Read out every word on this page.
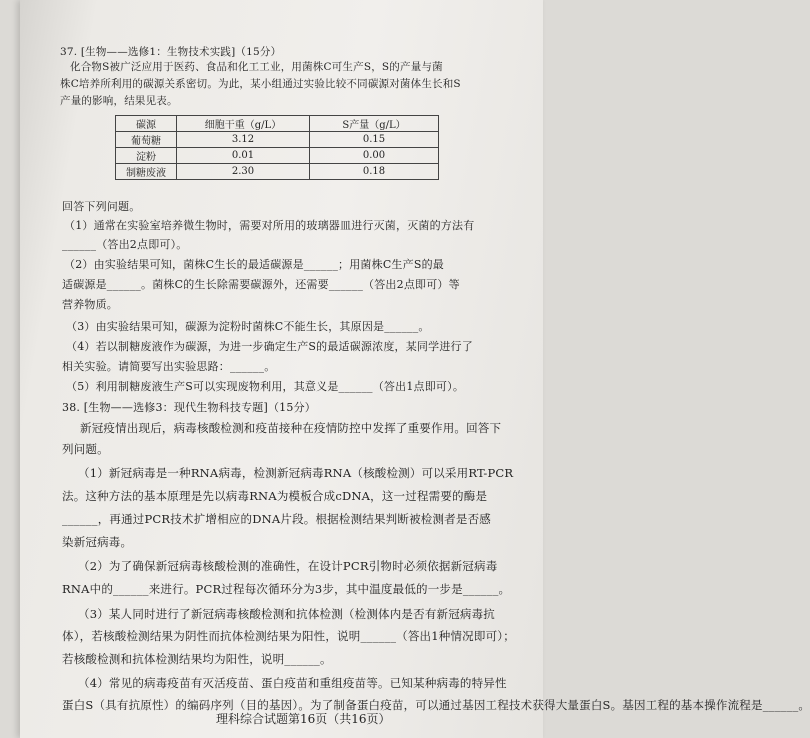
37. [生物——选修1：生物技术实践]（15分）
化合物S被广泛应用于医药、食品和化工工业，用菌株C可生产S，S的产量与菌
株C培养所利用的碳源关系密切。为此，某小组通过实验比较不同碳源对菌体生长和S
产量的影响，结果见表。
碳源	细胞干重（g/L）	S产量（g/L）
葡萄糖	3.12	0.15
淀粉	0.01	0.00
制糖废液	2.30	0.18
回答下列问题。
（1）通常在实验室培养微生物时，需要对所用的玻璃器皿进行灭菌，灭菌的方法有
______（答出2点即可）。
（2）由实验结果可知，菌株C生长的最适碳源是______；用菌株C生产S的最
适碳源是______。菌株C的生长除需要碳源外，还需要______（答出2点即可）等
营养物质。
（3）由实验结果可知，碳源为淀粉时菌株C不能生长，其原因是______。
（4）若以制糖废液作为碳源，为进一步确定生产S的最适碳源浓度，某同学进行了
相关实验。请简要写出实验思路：______。
（5）利用制糖废液生产S可以实现废物利用，其意义是______（答出1点即可）。
38. [生物——选修3：现代生物科技专题]（15分）
新冠疫情出现后，病毒核酸检测和疫苗接种在疫情防控中发挥了重要作用。回答下
列问题。
（1）新冠病毒是一种RNA病毒，检测新冠病毒RNA（核酸检测）可以采用RT-PCR
法。这种方法的基本原理是先以病毒RNA为模板合成cDNA，这一过程需要的酶是
______，再通过PCR技术扩增相应的DNA片段。根据检测结果判断被检测者是否感
染新冠病毒。
（2）为了确保新冠病毒核酸检测的准确性，在设计PCR引物时必须依据新冠病毒
RNA中的______来进行。PCR过程每次循环分为3步，其中温度最低的一步是______。
（3）某人同时进行了新冠病毒核酸检测和抗体检测（检测体内是否有新冠病毒抗
体），若核酸检测结果为阴性而抗体检测结果为阳性，说明______（答出1种情况即可）；
若核酸检测和抗体检测结果均为阳性，说明______。
（4）常见的病毒疫苗有灭活疫苗、蛋白疫苗和重组疫苗等。已知某种病毒的特异性
蛋白S（具有抗原性）的编码序列（目的基因）。为了制备蛋白疫苗，可以通过基因工程技术获得大量蛋白S。基因工程的基本操作流程是______。
理科综合试题第16页（共16页）
